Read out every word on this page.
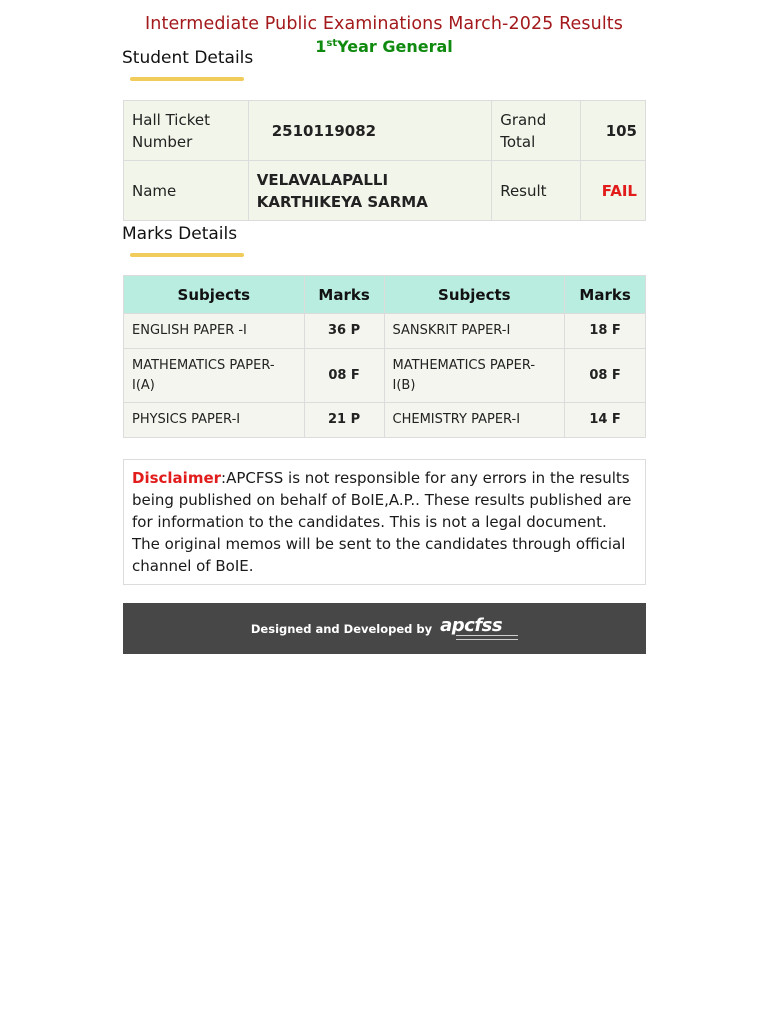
Intermediate Public Examinations March-2025 Results
1stYear General
Student Details
Hall Ticket Number	2510119082	Grand Total	105
Name	VELAVALAPALLI KARTHIKEYA SARMA	Result	FAIL
Marks Details
Subjects	Marks	Subjects	Marks
ENGLISH PAPER -I	36 P	SANSKRIT PAPER-I	18 F
MATHEMATICS PAPER-I(A)	08 F	MATHEMATICS PAPER-I(B)	08 F
PHYSICS PAPER-I	21 P	CHEMISTRY PAPER-I	14 F
Disclaimer:APCFSS is not responsible for any errors in the results being published on behalf of BoIE,A.P.. These results published are for information to the candidates. This is not a legal document. The original memos will be sent to the candidates through official channel of BoIE.
Designed and Developed by apcfss
